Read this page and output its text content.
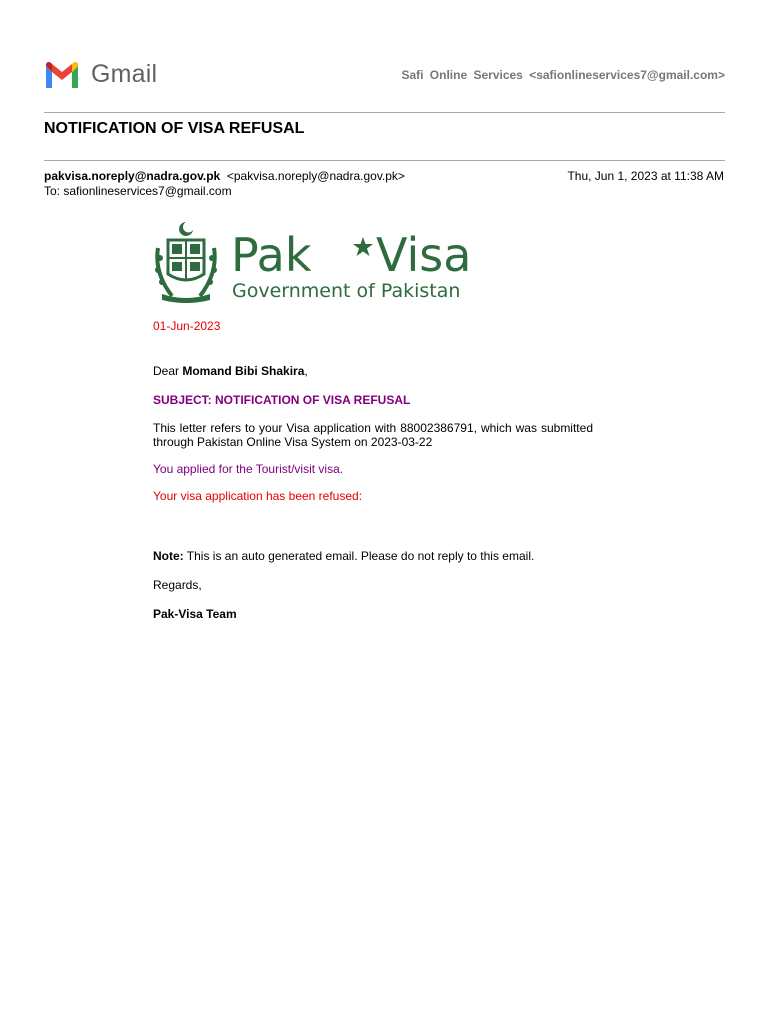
Gmail	Safi Online Services <safionlineservices7@gmail.com>
NOTIFICATION OF VISA REFUSAL
pakvisa.noreply@nadra.gov.pk <pakvisa.noreply@nadra.gov.pk>
To: safionlineservices7@gmail.com
Thu, Jun 1, 2023 at 11:38 AM
Pak Visa
Government of Pakistan
01-Jun-2023
Dear Momand Bibi Shakira,
SUBJECT: NOTIFICATION OF VISA REFUSAL
This letter refers to your Visa application with 88002386791, which was submitted
through Pakistan Online Visa System on 2023-03-22
You applied for the Tourist/visit visa.
Your visa application has been refused:
Note: This is an auto generated email. Please do not reply to this email.
Regards,
Pak-Visa Team
